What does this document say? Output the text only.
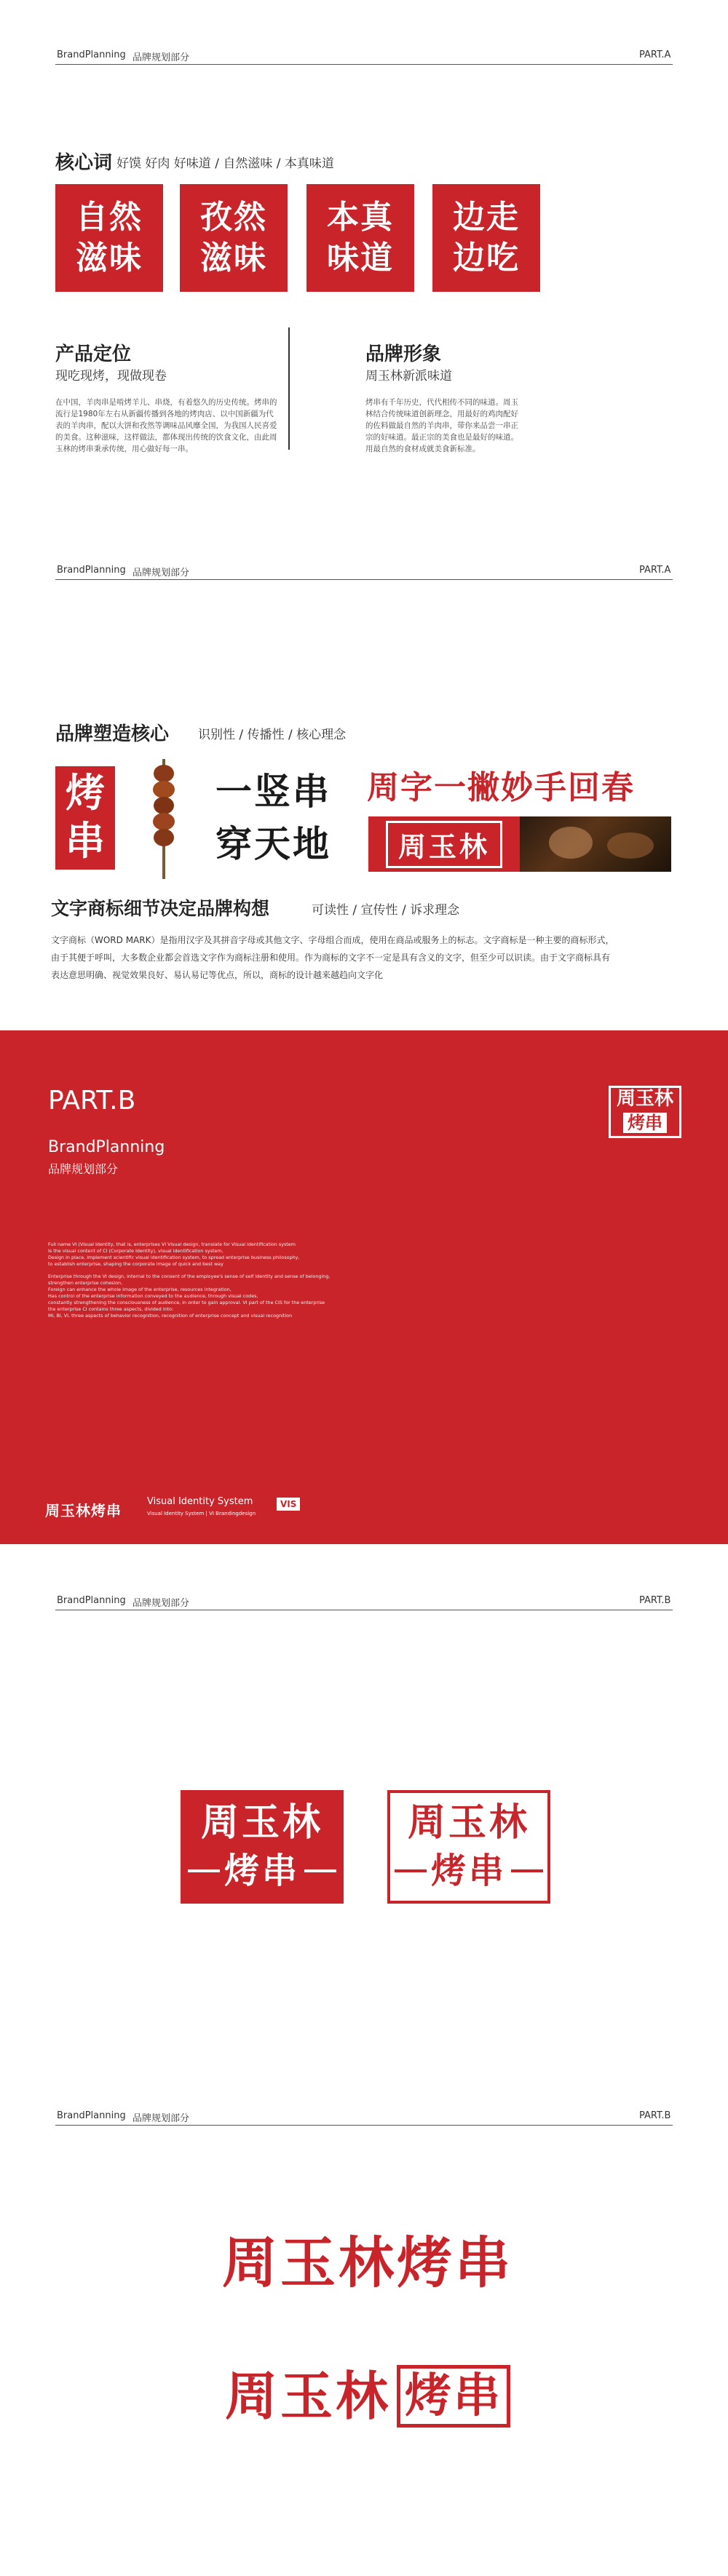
BrandPlanning 品牌规划部分	PART.A
核心词 好馍 好肉 好味道 / 自然滋味 / 本真味道
自然
滋味
孜然
滋味
本真
味道
边走
边吃
产品定位
现吃现烤，现做现卷
在中国，羊肉串是啃烤羊儿、串烧，有着悠久的历史传统。烤串的流行是1980年左右从新疆传播到各地的烤肉店、以中国新疆为代表的羊肉串，配以大饼和孜然等调味品风靡全国，为我国人民喜爱的美食。这种滋味，这样做法，都体现出传统的饮食文化，由此周玉林的烤串秉承传统，用心做好每一串。
品牌形象
周玉林新派味道
烤串有千年历史，代代相传不同的味道。周玉林结合传统味道创新理念，用最好的鸡肉配好的佐料做最自然的羊肉串，带你来品尝一串正宗的好味道。最正宗的美食也是最好的味道。用最自然的食材成就美食新标准。
BrandPlanning 品牌规划部分	PART.A
品牌塑造核心 识别性 / 传播性 / 核心理念
烤
串
一竖串
穿天地
周字一撇妙手回春
周玉林
文字商标细节决定品牌构想	可读性 / 宣传性 / 诉求理念
文字商标（WORD MARK）是指用汉字及其拼音字母或其他文字、字母组合而成，使用在商品或服务上的标志。文字商标是一种主要的商标形式，
由于其便于呼叫，大多数企业都会首选文字作为商标注册和使用。作为商标的文字不一定是具有含义的文字，但至少可以识读。由于文字商标具有
表达意思明确、视觉效果良好、易认易记等优点，所以，商标的设计越来越趋向文字化
PART.B
BrandPlanning
品牌规划部分
周玉林
烤串
Full name VI (Visual Identity, that is, enterprises VI Visual design, translate for Visual identification system
Is the visual content of CI (Corporate Identity), visual identification system,
Design in place, implement scientific visual identification system, to spread enterprise business philosophy,
to establish enterprise, shaping the corporate image of quick and best way
Enterprise through the VI design, internal to the consent of the employee's sense of self identity and sense of belonging,
strengthen enterprise cohesion,
Foreign can enhance the whole image of the enterprise, resources integration,
Has control of the enterprise information conveyed to the audience, through visual codes,
constantly strengthening the consciousness of audience, in order to gain approval. VI part of the CIS for the enterprise
the enterprise CI contains three aspects, divided into:
MI, BI, VI, three aspects of behavior recognition, recognition of enterprise concept and visual recognition
周玉林烤串
Visual Identity System
Visual Identity System | VI Brandingdesign
VIS
BrandPlanning 品牌规划部分	PART.B
周玉林
烤串
周玉林
烤串
BrandPlanning 品牌规划部分	PART.B
周玉林烤串
周玉林 烤串
